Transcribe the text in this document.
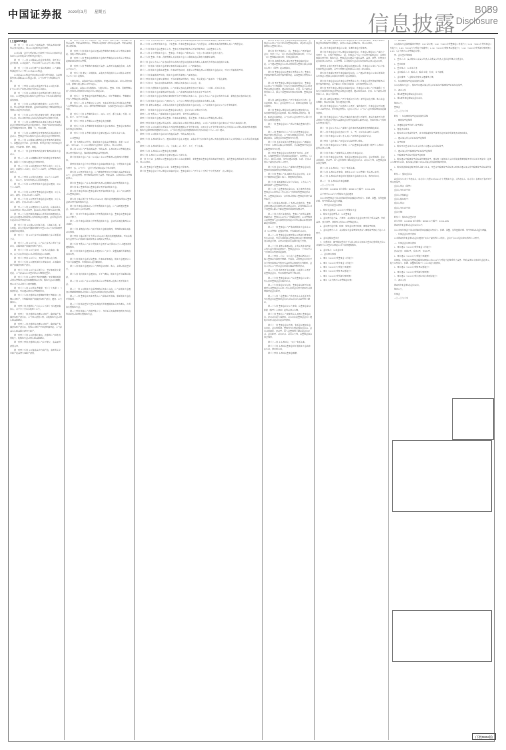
中国证券报 2020年3月 星期五
信息披露
B059
Disclosure
(上接B058版)

第一百一十一条 公司应当依照法律、行政法规和国家有关部门的规定，制定公司的财务会计制度。

公司在每一会计年度结束之日起四个月内向中国证监会和证券交易所报送年度财务会计报告。

第一百一十二条 公司除法定的会计账簿外，将不另立会计账簿。公司的资产，不以任何个人名义开立账户存储。

第一百一十三条 公司分配当年税后利润时，应当提取利润的百分之十列入公司法定公积金。

公司的法定公积金不足以弥补以前年度亏损的，在依照前款规定提取法定公积金之前，应当先用当年利润弥补亏损。

第一百一十四条 公司的公积金用于弥补公司的亏损、扩大公司生产经营或者转为增加公司资本。

第一百一十五条 公司股东大会对利润分配方案作出决议后，公司董事会须在股东大会召开后2个月内完成股利的派发事项。

第一百一十六条 公司利润分配政策为：公司实行持续、稳定的利润分配政策，重视对投资者的合理投资回报并兼顾公司的可持续发展。

第一百一十七条 公司实行内部审计制度，配备专职审计人员，对公司财务收支和经济活动进行内部审计监督。

第一百一十八条 公司聘用取得从事证券相关业务资格的会计师事务所进行会计报表审计、净资产验证及其他相关的咨询服务等业务，聘期一年，可以续聘。

第一百一十九条 公司聘用会计师事务所必须由股东大会决定，董事会不得在股东大会决定前委任会计师事务所。

第一百二十条 公司保证向聘用的会计师事务所提供真实、完整的会计凭证、会计账簿、财务会计报告及其他会计资料，不得拒绝、隐匿、谎报。

第一百二十一条 会计师事务所的审计费用由股东大会决定。

第一百二十二条 公司解聘或者不再续聘会计师事务所时，提前三十天事先通知会计师事务所。

第一百二十三条 公司的通知以下列形式发出：以专人送出；以邮件方式送出；以公告方式进行；本章程规定的其他形式。

第一百二十四条 公司发出的通知，以公告方式进行的，一经公告，视为所有相关人员收到通知。

第一百二十五条 公司召开股东大会的会议通知，以公告方式进行。

第一百二十六条 公司召开董事会的会议通知，以专人送出、邮件、传真或电话方式进行。

第一百二十七条 公司召开监事会的会议通知，以专人送出、邮件、传真或电话方式进行。

第一百二十八条 公司通知以专人送出的，由被送达人在送达回执上签名或盖章，被送达人签收日期为送达日期。

第一百二十九条 因意外遗漏未向某有权得到通知的人送出会议通知或者该等人没有收到会议通知，会议及会议作出的决议并不因此无效。

第一百三十条 公司指定中国证券报、上海证券报、证券时报、证券日报和巨潮资讯网为刊登公司公告和其他需要披露信息的媒体。

第一百三十一条 公司合并可以采取吸收合并或者新设合并。

第一百三十二条 公司合并，应当由合并各方签订合并协议，并编制资产负债表及财产清单。

第一百三十三条 公司合并时，合并各方的债权、债务，由合并后存续的公司或者新设的公司承继。

第一百三十四条 公司分立，其财产作相应的分割。

第一百三十五条 公司需要减少注册资本时，必须编制资产负债表及财产清单。

第一百三十六条 公司合并或者分立，登记事项发生变更的，应当依法向公司登记机关办理变更登记。

第一百三十七条 公司因下列原因解散：营业期限届满或者本章程规定的其他解散事由出现；股东大会决议解散；因公司合并或者分立需要解散。

第一百三十八条 公司有本章程第一百三十七条第（一）项情形的，可以通过修改本章程而存续。

第一百三十九条 清算组在清算期间行使下列职权：清理公司财产，分别编制资产负债表和财产清单；通知、公告债权人。

第一百四十条 清算组应当自成立之日起十日内通知债权人，并于六十日内在报纸上公告。

第一百四十一条 清算组在清理公司财产、编制资产负债表和财产清单后，应当制定清算方案，并报股东大会或者人民法院确认。

第一百四十二条 清算组在清理公司财产、编制资产负债表和财产清单后，发现公司财产不足清偿债务的，应当依法向人民法院申请宣告破产。

第一百四十三条 公司清算结束后，清算组应当制作清算报告，报股东大会或者人民法院确认。

第一百四十四条 清算组成员应当忠于职守，依法履行清算义务。

第一百四十五条 公司被依法宣告破产的，依照有关企业破产的法律实施破产清算。

第一百四十六条 有下列情形之一的，公司应当修改章程：《公司法》或有关法律、行政法规修改后，章程规定的事项与修改后的法律、行政法规的规定相抵触。

第一百四十七条 股东大会决议通过的章程修改事项应经主管机关审批的，须报主管机关批准。

第一百四十八条 董事会依照股东大会修改章程的决议和有关主管机关的审批意见修改本章程。

第一百四十九条 章程修改事项属于法律、法规要求披露的信息，按规定予以公告。

第一百五十条 释义：控股股东，是指其持有的股份占公司股本总额百分之五十以上的股东。

实际控制人，是指虽不是公司的股东，但通过投资关系、协议或者其他安排，能够实际支配公司行为的人。

关联关系，是指公司控股股东、实际控制人、董事、监事、高级管理人员与其直接或者间接控制的企业之间的关系。

第一百五十一条 董事会可依照章程的规定，制订章程细则。章程细则不得与章程的规定相抵触。

第一百五十二条 本章程以中文书写，其他任何语种或不同版本的章程与本章程有歧义时，以在工商行政管理局最近一次核准登记后的中文版章程为准。

第一百五十三条 本章程所称以上、以内、以下，都含本数；不满、以外、低于、多于不含本数。

第一百五十四条 本章程由公司董事会负责解释。

第一百五十五条 本章程附件包括股东大会议事规则、董事会议事规则和监事会议事规则。

第一百五十六条 本章程自股东大会审议通过之日起生效并实施。

公司董事会

第一条 为规范公司行为，保证股东大会依法行使职权，根据《公司法》、《证券法》、《上市公司股东大会规则》的规定，制定本规则。

第二条 公司应当严格按照法律、行政法规、本规则及公司章程的相关规定召开股东大会，保证股东能够依法行使权利。

第三条 股东大会应当在《公司法》和公司章程规定的范围内行使职权。

第四条 股东大会分为年度股东大会和临时股东大会。年度股东大会每年召开一次，应当于上一会计年度结束后的6个月内举行。

第五条 公司召开股东大会，应当聘请律师对以下问题出具法律意见并公告：会议的召集、召开程序是否符合法律、行政法规、本规则和公司章程的规定。

第六条 董事会应当在本规则第四条规定的期限内按时召集股东大会。

第七条 独立董事有权向董事会提议召开临时股东大会。

第八条 监事会有权向董事会提议召开临时股东大会，并应当以书面形式向董事会提出。

第九条 单独或者合计持有公司10%以上股份的普通股股东有权向董事会请求召开临时股东大会。

第十条 监事会或股东决定自行召集股东大会的，应当书面通知董事会，同时向证券交易所备案。

第十一条 对于监事会或股东自行召集的股东大会，董事会和董事会秘书应予配合。

第十二条 监事会或股东自行召集的股东大会，会议所必需的费用由公司承担。

第十三条 提案的内容应当属于股东大会职权范围，有明确议题和具体决议事项。

第十四条 单独或者合计持有公司3%以上股份的普通股股东，可以在股东大会召开10日前提出临时提案并书面提交召集人。

第十五条 召集人应当在年度股东大会召开20日前以公告方式通知各普通股股东。

第十六条 股东大会通知和补充通知中应当充分、完整披露所有提案的具体内容。

第十七条 股东大会拟讨论董事、监事选举事项的，股东大会通知中应当充分披露董事、监事候选人的详细资料。

第十八条 股东大会通知中应当列明会议时间、地点，并确定股权登记日。

第十九条 发出股东大会通知后，无正当理由，股东大会不得延期或取消。

第二十条 公司应当在公司住所地或公司章程规定的地点召开股东大会。

第二十一条 公司股东大会采用网络或其他方式的，应当在股东大会通知中明确载明网络或其他方式的表决时间以及表决程序。

第二十二条 董事会和其他召集人应当采取必要措施，保证股东大会的正常秩序。

第二十三条 股权登记日登记在册的所有普通股股东或其代理人，均有权出席股东大会。

第二十四条 股东应当持股票账户卡、身份证或其他能够表明其身份的有效证件或证明出席股东大会。

第二十五条 召集人和律师应当依据证券登记结算机构提供的股东名册共同对股东资格的合法性进行验证。

第二十六条 公司召开股东大会，全体董事、监事和董事会秘书应当出席会议，经理和其他高级管理人员应当列席会议。

第二十七条 股东大会由董事长主持。董事长不能履行职务或不履行职务时，由副董事长主持。

第二十八条 在年度股东大会上，董事会、监事会应当就其过去一年的工作向股东大会作出报告。

第二十九条 董事、监事、高级管理人员在股东大会上应就股东的质询作出解释和说明。

第三十条 会议主持人应当在表决前宣布现场出席会议的股东和代理人人数及所持有表决权的股份总数。

第三十一条 股东与股东大会拟审议事项有关联关系时，应当回避表决。

第三十二条 股东大会就选举董事、监事进行表决时，根据公司章程的规定或者股东大会的决议，可以实行累积投票制。

第三十三条 除累积投票制外，股东大会对所有提案应当逐项表决。

第三十四条 股东大会审议提案时，不得对提案进行修改，否则，有关变更应当被视为一个新的提案。

第三十五条 同一表决权只能选择现场、网络或其他表决方式中的一种。

第三十六条 出席股东大会的股东，应当对提交表决的提案发表以下意见之一：同意、反对或弃权。

第三十七条 股东大会对提案进行表决前，应当推举两名股东代表参加计票和监票。

第三十八条 股东大会会议现场结束时间不得早于网络或其他方式，会议主持人应当在会议现场宣布每一提案的表决情况和结果。

第三十九条 股东大会决议应当及时公告，公告中应列明出席会议的股东和代理人人数。

第四十条 提案未获通过，或者本次股东大会变更前次股东大会决议的，应当在股东大会决议公告中作特别提示。

第四十一条 股东大会会议记录由董事会秘书负责，会议记录应记载以下内容。

第四十二条 召集人应当保证股东大会连续举行，直至形成最终决议。

第四十三条 股东大会通过有关董事、监事选举提案的，新任董事、监事按公司章程的规定就任。

第四十四条 股东大会通过有关派现、送股或资本公积转增股本提案的，公司应当在股东大会结束后2个月内实施具体方案。

第四十五条 公司以减少注册资本为目的回购普通股公开发行优先股，以及以非公开发行优先股为支付手段向公司特定股东回购普通股的，股东大会就回购普通股作出决议，应当经出席会议的普通股股东所持表决权的三分之二以上通过。

第四十六条 公司股东大会决议内容违反法律、行政法规的无效。

第四十七条 本规则所称公告、通知或股东大会补充通知，是指在符合中国证监会规定条件的媒体和证券交易所网站上公布有关信息披露内容。

第四十八条 本规则所称以上、内，含本数；过、低于、多于，不含本数。

第四十九条 本规则由公司董事会负责解释。

第五十条 本规则自公司股东大会审议通过之日起生效。

第一条 为了进一步规范公司董事会的议事方式和决策程序，促使董事和董事会有效地履行其职责，提高董事会规范运作和科学决策水平，制定本规则。

第二条 董事会下设董事会办公室，处理董事会日常事务。

第三条 董事会会议分为定期会议和临时会议。董事会每年应当至少在上下两个半年度各召开一次定期会议。

第四条 在发出召开董事会定期会议的通知前，董事会办公室应当充分征求各董事的意见，初步形成会议提案后交董事长拟定。

第五条 有下列情形之一的，董事会应当召开临时会议：代表十分之一以上表决权的股东提议时；三分之一以上董事联名提议时；监事会提议时。

第六条 按照前条规定提议召开董事会临时会议的，应当通过董事会办公室或者直接向董事长提交经提议人签字（盖章）的书面提议。

第七条 董事会会议由董事长召集和主持；董事长不能履行职务或者不履行职务的，由副董事长召集和主持。

第八条 召开董事会定期会议和临时会议，董事会办公室应当分别提前十日和五日将盖有董事会办公室印章的书面会议通知，通过直接送达、传真、电子邮件或者其他方式，提交全体董事和监事以及经理、董事会秘书。

第九条 书面会议通知应当至少包括以下内容：会议的时间、地点；会议的召开方式；拟审议的事项（会议提案）。

第十条 董事会定期会议的书面会议通知发出后，如果需要变更会议的时间、地点等事项或者增加、变更、取消会议提案的，应当在原定会议召开日之前三日发出书面变更通知。

第十一条 董事会会议应当有过半数的董事出席方可举行。

第十二条 董事原则上应当亲自出席董事会会议。因故不能出席会议的，应当事先审阅会议材料，形成明确的意见，书面委托其他董事代为出席。

第十三条 委托和受托出席董事会会议应当遵循以下原则：在审议关联交易事项时，非关联董事不得委托关联董事代为出席。

第十四条 董事会会议以现场召开为原则。必要时，在保障董事充分表达意见的前提下，经召集人（主持人）、提议人同意，也可以通过视频、电话、传真或者电子邮件表决等方式召开。

第十五条 会议主持人应当提请出席董事会会议的董事对各项提案发表明确的意见。

第十六条 董事应当认真阅读有关会议材料，在充分了解情况的基础上独立、审慎地发表意见。

第十七条 每项提案经过充分讨论后，主持人应当适时提请与会董事进行表决。

第十八条 与会董事表决完成后，证券事务代表和董事会办公室有关工作人员应当及时收集董事的表决票，交董事会秘书在一名监事或者独立董事的监督下进行统计。

第十九条 除本规则第二十条规定的情形外，董事会审议通过会议提案并形成相关决议，必须有超过公司全体董事人数之半数的董事对该提案投赞成票。

第二十条 出现下述情形的，董事应当对有关提案回避表决：董事本人认为应当回避的情形；公司章程规定的因董事与会议提案所涉及的企业有关联关系而须回避的其他情形。

第二十一条 董事会应当严格按照股东大会和本公司《公司章程》的授权行事，不得越权形成决议。

第二十二条 董事会会议需要就公司利润分配事宜作出决议的，可以先将拟提交董事会审议的分配预案通知注册会计师，并要求其据此出具审计报告草案。

第二十三条 提案未获通过的，在有关条件和因素未发生重大变化的情况下，董事会会议在一个月内不应当再审议内容相同的提案。

第二十四条 二分之一以上的与会董事或两名以上独立董事认为提案不明确、不具体，或者因会议材料不充分等其他事由导致其无法对有关事项作出判断时，会议主持人应当要求会议对该议题进行暂缓表决。

第二十五条 现场召开和以视频、电话等方式召开的董事会会议，可以视需要进行全程录音。

第二十六条 董事会秘书应当安排董事会办公室工作人员对董事会会议做好记录。

第二十七条 除会议记录外，董事会秘书还可以视需要安排董事会办公室工作人员对会议召开情况作成简明扼要的会议纪要。

第二十八条 与会董事应当代表其本人和委托其代为出席会议的董事对会议记录和决议记录进行签字确认。

第二十九条 董事会决议公告事宜，由董事会秘书根据《股票上市规则》的有关规定办理。

第三十条 董事长应当督促有关人员落实董事会决议，检查决议的实施情况，并在以后的董事会会议上通报已经形成的决议的执行情况。

第三十一条 董事会会议档案，包括会议通知和会议材料、会议签到簿、董事代为出席的授权委托书、会议录音资料、表决票、经与会董事签字确认的会议记录、会议纪要、决议记录、决议公告等，由董事会秘书负责保存。

第三十二条 在本规则中，“以上”包括本数。

第三十三条 本规则由董事会制订报股东大会批准后生效，修改时亦同。

第三十四条 本规则由董事会解释。

第一条 为进一步规范本公司监事会的议事方式和表决程序，促使监事和监事会有效地履行监督职责，完善公司法人治理结构，制定本规则。

第二条 监事会设监事会办公室，处理监事会日常事务。

第三条 监事会会议分为定期会议和临时会议。监事会定期会议应当每六个月召开一次。出现下列情况之一的，监事会应当在十日内召开临时会议：任何监事提议召开时；股东大会、董事会会议通过了违反法律、法规、规章、监管部门的各种规定和要求、公司章程、公司股东大会决议和其他有关规定的决议时。

第四条 在发出召开监事会定期会议的通知之前，监事会办公室应当向全体监事征集会议提案，并至少用两天的时间向公司员工征求意见。

第五条 监事提议召开监事会临时会议的，应当通过监事会办公室或者直接向监事会主席提交经提议监事签字的书面提议。

第六条 监事会会议由监事会主席召集和主持；监事会主席不能履行职务或者不履行职务的，由半数以上监事共同推举一名监事召集和主持。

第七条 召开监事会定期会议和临时会议，监事会办公室应当分别提前十日和五日将盖有监事会印章的书面会议通知，通过直接送达、传真、电子邮件或者其他方式，提交全体监事。

第八条 书面会议通知应当至少包括以下内容：举行会议的日期、地点和会议期限；事由及议题；发出通知的日期。

第九条 监事会会议应当以现场方式召开。紧急情况下，监事会会议可以通讯方式进行表决，但监事会召集人（会议主持人）应当向与会监事说明具体的紧急情况。

第十条 监事会会议应当有过半数的监事出席方可举行。相关监事拒不出席或者怠于出席会议导致无法满足会议召开的最低人数要求的，其他监事应当及时向监管部门报告。

第十一条 会议主持人应当提请与会监事对各项提案发表明确的意见。

第十二条 监事会会议的表决实行一人一票，以记名和书面方式进行。

第十三条 监事会办公室工作人员应当对现场会议做好记录。

第十四条 与会监事应当对会议记录进行签字确认。

第十五条 监事会决议公告事宜，应当由董事会秘书根据《股票上市规则》的有关规定办理。

第十六条 监事应当督促有关人员落实监事会决议。

第十七条 监事会会议档案，包括会议通知和会议材料、会议签到簿、会议录音资料、表决票、经与会监事签字确认的会议记录、决议公告等，由董事会秘书负责保管。

第十八条 在本规则中，“以上”包括本数。

第十九条 本规则未尽事宜，参照本公司《公司章程》有关规定执行。

第二十条 本规则由监事会制订报股东大会批准后生效，修改时亦同。

第二十一条 本规则由监事会解释。

二〇二〇年三月

证券代码：002XXX 证券简称：XXXX 公告编号：2020-0XX

关于召开2019年年度股东大会的通知

本公司及董事会全体成员保证信息披露的内容真实、准确、完整，没有虚假记载、误导性陈述或重大遗漏。

一、召开会议的基本情况

1、股东大会届次：2019年年度股东大会

2、股东大会的召集人：公司董事会

3、会议召开的合法、合规性：本次股东大会会议召开符合有关法律、行政法规、部门规章、规范性文件和公司章程的规定。

4、会议召开的日期、时间：现场会议召开时间；网络投票时间。

5、会议的召开方式：本次股东大会采用现场表决与网络投票相结合的方式召开。

6、会议的股权登记日

7、出席对象：截至股权登记日下午收市时在中国证券登记结算有限责任公司深圳分公司登记在册的公司全体普通股股东。

8、会议地点：公司会议室

二、会议审议事项

1、审议《2019年度董事会工作报告》

2、审议《2019年度监事会工作报告》

3、审议《2019年年度报告及摘要》

4、审议《2019年度财务决算报告》

5、审议《2019年度利润分配预案》

6、审议《关于修订公司章程的议案》

三、提案编码

本次股东大会提案编码示例表：100 总议案；1.00 《2019年度董事会工作报告》；2.00 《2019年度监事会工作报告》；3.00 《2019年年度报告及摘要》；4.00 《2019年度财务决算报告》；5.00 《2019年度利润分配预案》；6.00 《关于修订公司章程的议案》。

四、会议登记等事项

1、登记方式：法人股东应由法定代表人或者法定代表人委托的代理人出席会议。

2、登记时间

3、登记地点：公司证券部

4、会议联系方式：联系人；联系电话；传真；电子邮箱。

5、会议费用：与会股东食宿及交通费用自理。

五、参加网络投票的具体操作流程

在本次股东大会上，股东可以通过深交所交易系统和互联网投票系统参加投票。

六、备查文件

1、第X届董事会第X次会议决议；

2、第X届监事会第X次会议决议。

特此公告。

董事会

二〇二〇年三月

附件一：参加网络投票的具体操作流程

一、网络投票的程序

1、普通股的投票代码与投票简称

2、填报表决意见

3、股东对总议案进行投票，视为对除累积投票提案外的其他所有提案表达相同意见。

二、通过深交所交易系统投票的程序

1、投票时间

2、股东可以登录证券公司交易客户端通过交易系统投票。

三、通过深交所互联网投票系统投票的程序

1、互联网投票系统开始投票的时间

2、股东通过互联网投票系统进行网络投票，需按照《深圳证券交易所投资者网络服务身份认证业务指引》的规定办理身份认证，取得深交所数字证书或深交所投资者服务密码。

3、股东根据获取的服务密码或数字证书，可登录互联网投票系统规定时间内通过深交所互联网投票系统进行投票。

附件二：授权委托书

兹委托先生/女士代表本人（本单位）出席公司2019年年度股东大会，并代表本人（本单位）依照以下指示对下列议案投票。

委托人签名（盖章）：

委托人身份证号码：

委托人持股数量：

委托人股东账号：

受托人签名：

受托人身份证号码：

委托日期：

附件三：股东参会登记表

证券代码：002XXX 证券简称：XXXX 公告编号：2020-0XX

第X届监事会第X次会议决议公告

本公司及监事会全体成员保证信息披露的内容真实、准确、完整，没有虚假记载、误导性陈述或重大遗漏。

一、监事会会议召开情况

公司第X届监事会第X次会议通知于以电子邮件等方式发出，会议于在公司会议室以现场方式召开。

二、监事会会议审议情况

1、审议通过《2019年度监事会工作报告》

表决结果：同意3票，反对0票，弃权0票。

2、审议通过《2019年年度报告及摘要》

经审核，监事会认为董事会编制和审核公司2019年年度报告的程序符合法律、行政法规和中国证监会的规定，报告内容真实、准确、完整地反映了上市公司的实际情况。

3、审议通过《2019年度财务决算报告》

4、审议通过《2019年度利润分配预案》

5、审议通过《2019年度内部控制自我评价报告》

三、备查文件

第X届监事会第X次会议决议。

特此公告。

监事会

二〇二〇年三月

(下转B060版)
